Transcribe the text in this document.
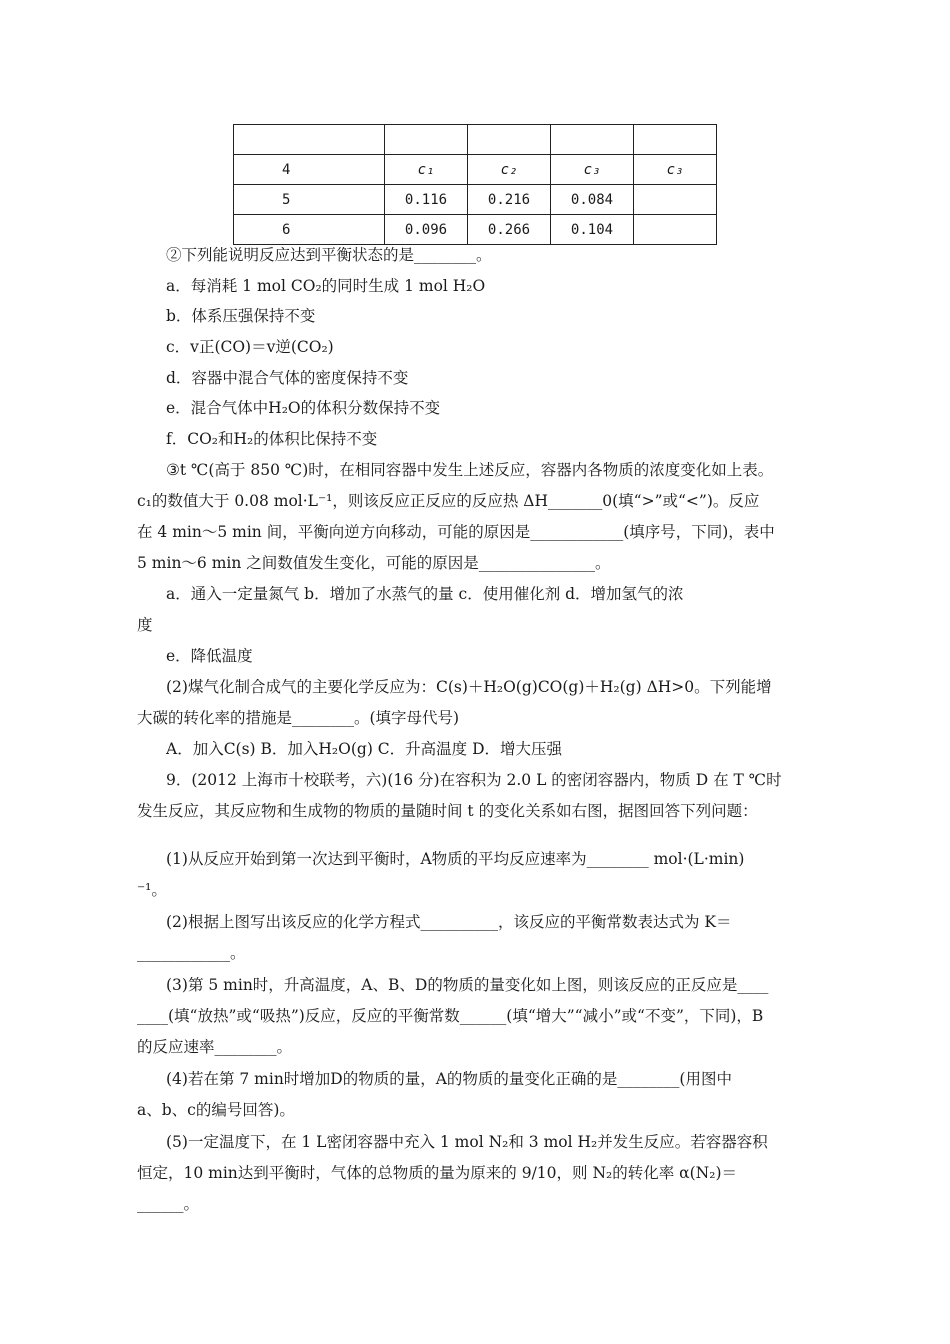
4	c₁	c₂	c₃	c₃
5	0.116	0.216	0.084	
6	0.096	0.266	0.104	
②下列能说明反应达到平衡状态的是________。
a．每消耗 1 mol CO₂的同时生成 1 mol H₂O
b．体系压强保持不变
c．v正(CO)＝v逆(CO₂)
d．容器中混合气体的密度保持不变
e．混合气体中H₂O的体积分数保持不变
f．CO₂和H₂的体积比保持不变
③t ℃(高于 850 ℃)时，在相同容器中发生上述反应，容器内各物质的浓度变化如上表。
c₁的数值大于 0.08 mol·L⁻¹，则该反应正反应的反应热 ΔH_______0(填“>”或“<”)。反应
在 4 min～5 min 间，平衡向逆方向移动，可能的原因是____________(填序号，下同)，表中
5 min～6 min 之间数值发生变化，可能的原因是_______________。
a．通入一定量氮气 b．增加了水蒸气的量 c．使用催化剂 d．增加氢气的浓
度
e．降低温度
(2)煤气化制合成气的主要化学反应为：C(s)＋H₂O(g)CO(g)＋H₂(g) ΔH>0。下列能增
大碳的转化率的措施是________。(填字母代号)
A．加入C(s) B．加入H₂O(g) C．升高温度 D．增大压强
9．(2012 上海市十校联考，六)(16 分)在容积为 2.0 L 的密闭容器内，物质 D 在 T ℃时
发生反应，其反应物和生成物的物质的量随时间 t 的变化关系如右图，据图回答下列问题：
(1)从反应开始到第一次达到平衡时，A物质的平均反应速率为________ mol·(L·min)
⁻¹。
(2)根据上图写出该反应的化学方程式__________，该反应的平衡常数表达式为 K＝
____________。
(3)第 5 min时，升高温度，A、B、D的物质的量变化如上图，则该反应的正反应是____
____(填“放热”或“吸热”)反应，反应的平衡常数______(填“增大”“减小”或“不变”，下同)，B
的反应速率________。
(4)若在第 7 min时增加D的物质的量，A的物质的量变化正确的是________(用图中
a、b、c的编号回答)。
(5)一定温度下，在 1 L密闭容器中充入 1 mol N₂和 3 mol H₂并发生反应。若容器容积
恒定，10 min达到平衡时，气体的总物质的量为原来的 9/10，则 N₂的转化率 α(N₂)＝
______。
